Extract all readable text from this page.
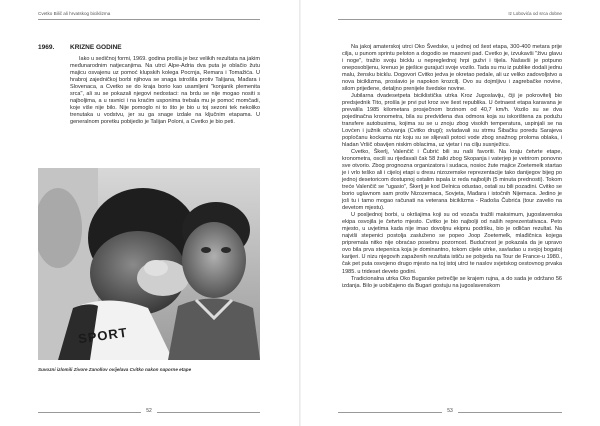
Cvetko Bilič ali hrvatskog biciklizma
1969. KRIZNE GODINE

Iako u sedičnoj formi, 1969. godina prošla je bez velikih rezultata na jakim međunarodnim natjecanjima. Na utrci Alpe-Adria dva puta je oblačio žutu majicu osvajenu uz pomoć klupskih kolega Pocrnja, Remara i Tomažića. U hrabroj zajedničkoj borbi njihova se snaga istrošila protiv Talijana, Mađara i Slovenaca, a Cvetko se do kraja borio kao usamljeni "konjanik plemenita srca", ali su se pokazali njegovi nedostaci: na brdu se nije mogao nositi s najboljima, a u ravnici i na kraćim usponima trebala mu je pomoć momčadi, koje više nije bilo. Nije pomoglo ni to što je bio u toj sezoni tek nekoliko trenutaka u vodstvu, jer su ga snage izdale na ključnim etapama. U generalnom poretku pobijedio je Talijan Poloni, a Cvetko je bio peti.

SPORT
Suvozni izlomili Zivorе Zanollov ovijelava Cvitko nakon naporne etape
52
Iz Lobovića od srca dobne

Na jakoj amaterskoj utrci Oko Švedske, u jednoj od šest etapa, 300-400 metara prije cilja, u punom sprintu peloton a dogodio se masovni pad. Cvetko je, izvukavši "živu glavu i noge", tražio svoju bicklu u nepreglednoj hrpi gužvi i tijela. Našavši je potpuno oneposobljenu, krenuo je pješice gurajući svoje vozilo. Tada su mu iz publike dodali jednu malu, žensku bicklu. Dogovori Cvitko jedva je okretao pedale, ali uz veliko zadovoljstvo a nova biciklizma, proslavio je napokon krozcilj. Ovo su dojmljivu i zagrebačke novine, silom prijeđene, detaljno prenijele švedske novine.

Jubilarna dvadesetpeta biciklistička utrka Kroz Jugoslaviju, čiji je pokrovitelj bio predsjednik Tito, prošla je prvi put kroz sve šest republika. U četnaest etapa karavana je prevalila 1985 kilometara prosječnom brzinom od 40,7 km/h. Vozilo su se dva pojedinačna kronometra, bila su predviđena dva odmora koja su iskorištena za podužu transfere autobusima, kojima su se u znoju zbog visokih temperatura, uspinjali se na Lovćen i južnik očuvanja (Cvitko drugi); svladavali su strmu Šibačku poredu Sarajeva popločanu kockama niz koju su se slijevali potoci vode zbog snažnog proloma oblaka, i hladan Vršič obavijen niskim oblacima, uz vjetar i na cilju susnježicu.

Cvetko, Škerlj, Valenčič i Čubrić bili su naši favoriti. Na kraju četvrte etape, kronometra, oscili su rijeđavali čak 58 žalki zbog Skopanja i vaterjep je vetrirom ponovno sve otvorio. Zbog prognozna organizatora i sudaca, nosioc žute majice Zoetemelk startao je i vrlo teško ali i cijeloj etapi u dresu nizozemske reprezentacije tako danijegov bijeg po jednoj desetoricom dostupnoj ostalim ispala iz reda najboljih (5 minuta prednosti). Tokom treće Valenčič se "ugasio", Škerlj je kod Delnica odustao, ostali su bili pozadini. Cvitko se borio uglavnom sam protiv Nizozemaca, Sovjeta, Mađara i istočnih Nijemaca. Jedino je još tu i tamo mogao računati na veterana biciklizma - Radoša Čubrića (tour zavelio na devetom mjestu).

U posljednoj borbi, u okršajima koji su od vozača tražili maksimum, jugoslavenska ekipa osvojila je četvrto mjesto. Cvitko je bio najbolji od naših reprezentativaca. Peto mjesto, u uvjetima kada nije imao dovoljnu ekipnu podršku, bio je odličan rezultat. Na najviši stepenici postolja zasluženo se popeo Joop Zoetemelk, mlađičnica kojega pripremala nitko nije obraćao posebnu pozornost. Budućnost je pokazala da je upravo ovo bila prva stepenica koja je dominantno, tokom cijele utrke, savladao u svojoj bogatoj karijeri. U nizu njegovih zapaženih rezultata ističu se pobjeda na Tour de France-u 1980., čak pet puta osvojeno drugo mjesto na toj istoj utrci te naslov svjetskog cestovnog prvaka 1985. u trideset deveto godini.

Tradicionalna utrka Oko Bugarske petrečlje se krajem rujna, a do sada je održano 56 izdanja. Bilo je uobičajeno da Bugari gostuju na jugoslavenskom

53
